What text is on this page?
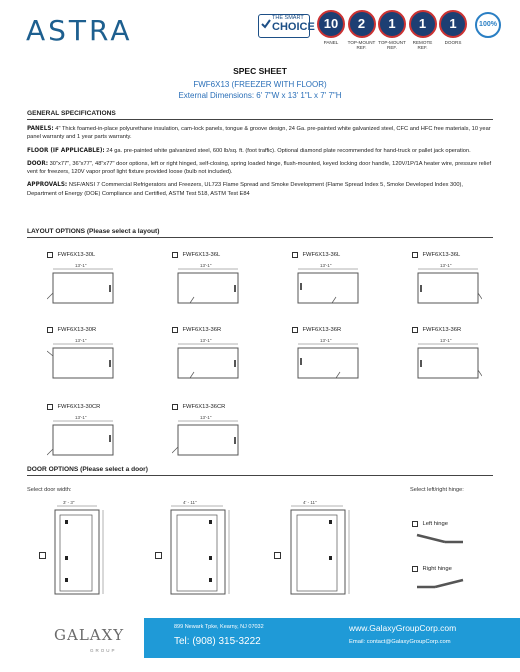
ASTRA	THE SMART
CHOICE 10
PANEL
2
TOP-MOUNT REF.
1
TOP-MOUNT REF.
1
REMOTE REF.
1
DOORS
100%
SPEC SHEET
FWF6X13 (FREEZER WITH FLOOR)
External Dimensions: 6' 7"W x 13' 1"L x 7' 7"H
GENERAL SPECIFICATIONS
PANELS: 4" Thick foamed-in-place polyurethane insulation, cam-lock panels, tongue & groove design, 24 Ga. pre-painted white galvanized steel, CFC and HFC free materials, 10 year panel warranty and 1 year parts warranty.
FLOOR (IF APPLICABLE): 24 ga. pre-painted white galvanized steel, 600 lb/sq. ft. (foot traffic). Optional diamond plate recommended for hand-truck or pallet jack operation.
DOOR: 30"x77", 36"x77", 48"x77" door options, left or right hinged, self-closing, spring loaded hinge, flush-mounted, keyed locking door handle, 120V/1P/1A heater wire, pressure relief vent for freezers, 120V vapor proof light fixture provided loose (bulb not included).
APPROVALS: NSF/ANSI 7 Commercial Refrigerators and Freezers, UL723 Flame Spread and Smoke Development (Flame Spread Index 5, Smoke Developed Index 300), Department of Energy (DOE) Compliance and Certified, ASTM Test 518, ASTM Test E84
LAYOUT OPTIONS (Please select a layout)
FWF6X13-30L
13'-1"
FWF6X13-36L
13'-1"
FWF6X13-36L
13'-1"
FWF6X13-36L
13'-1"
FWF6X13-30R
13'-1"
FWF6X13-36R
13'-1"
FWF6X13-36R
13'-1"
FWF6X13-36R
13'-1"
FWF6X13-30CR
13'-1"
FWF6X13-36CR
13'-1"
DOOR OPTIONS (Please select a door)
Select door width:	Select left/right hinge:
3' - 3"	4' - 11"	4' - 11"
Left hinge
Right hinge
GALAXY
GROUP
899 Newark Tpke, Kearny, NJ 07032
Tel: (908) 315-3222
www.GalaxyGroupCorp.com
Email: contact@GalaxyGroupCorp.com
